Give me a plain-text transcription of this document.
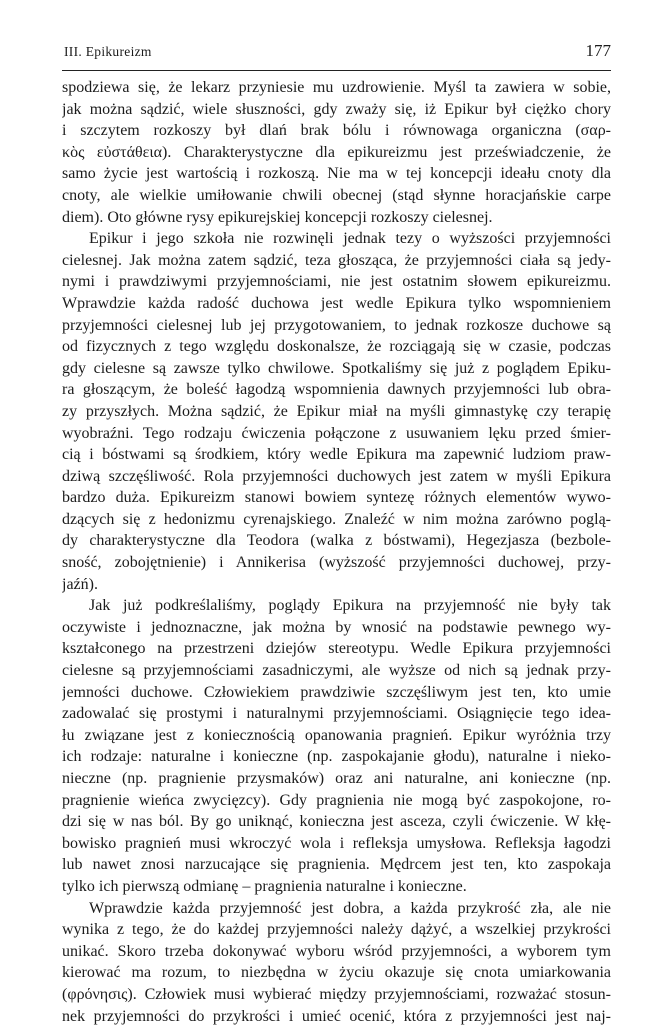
III. Epikureizm	177
spodziewa się, że lekarz przyniesie mu uzdrowienie. Myśl ta zawiera w sobie,
jak można sądzić, wiele słuszności, gdy zważy się, iż Epikur był ciężko chory
i szczytem rozkoszy był dlań brak bólu i równowaga organiczna (σαρ-
κὸς εὐστάθεια). Charakterystyczne dla epikureizmu jest przeświadczenie, że
samo życie jest wartością i rozkoszą. Nie ma w tej koncepcji ideału cnoty dla
cnoty, ale wielkie umiłowanie chwili obecnej (stąd słynne horacjańskie carpe
diem). Oto główne rysy epikurejskiej koncepcji rozkoszy cielesnej.
Epikur i jego szkoła nie rozwinęli jednak tezy o wyższości przyjemności
cielesnej. Jak można zatem sądzić, teza głosząca, że przyjemności ciała są jedy-
nymi i prawdziwymi przyjemnościami, nie jest ostatnim słowem epikureizmu.
Wprawdzie każda radość duchowa jest wedle Epikura tylko wspomnieniem
przyjemności cielesnej lub jej przygotowaniem, to jednak rozkosze duchowe są
od fizycznych z tego względu doskonalsze, że rozciągają się w czasie, podczas
gdy cielesne są zawsze tylko chwilowe. Spotkaliśmy się już z poglądem Epiku-
ra głoszącym, że boleść łagodzą wspomnienia dawnych przyjemności lub obra-
zy przyszłych. Można sądzić, że Epikur miał na myśli gimnastykę czy terapię
wyobraźni. Tego rodzaju ćwiczenia połączone z usuwaniem lęku przed śmier-
cią i bóstwami są środkiem, który wedle Epikura ma zapewnić ludziom praw-
dziwą szczęśliwość. Rola przyjemności duchowych jest zatem w myśli Epikura
bardzo duża. Epikureizm stanowi bowiem syntezę różnych elementów wywo-
dzących się z hedonizmu cyrenajskiego. Znaleźć w nim można zarówno poglą-
dy charakterystyczne dla Teodora (walka z bóstwami), Hegezjasza (bezbole-
sność, zobojętnienie) i Annikerisa (wyższość przyjemności duchowej, przy-
jaźń).
Jak już podkreślaliśmy, poglądy Epikura na przyjemność nie były tak
oczywiste i jednoznaczne, jak można by wnosić na podstawie pewnego wy-
kształconego na przestrzeni dziejów stereotypu. Wedle Epikura przyjemności
cielesne są przyjemnościami zasadniczymi, ale wyższe od nich są jednak przy-
jemności duchowe. Człowiekiem prawdziwie szczęśliwym jest ten, kto umie
zadowalać się prostymi i naturalnymi przyjemnościami. Osiągnięcie tego idea-
łu związane jest z koniecznością opanowania pragnień. Epikur wyróżnia trzy
ich rodzaje: naturalne i konieczne (np. zaspokajanie głodu), naturalne i nieko-
nieczne (np. pragnienie przysmaków) oraz ani naturalne, ani konieczne (np.
pragnienie wieńca zwycięzcy). Gdy pragnienia nie mogą być zaspokojone, ro-
dzi się w nas ból. By go uniknąć, konieczna jest asceza, czyli ćwiczenie. W kłę-
bowisko pragnień musi wkroczyć wola i refleksja umysłowa. Refleksja łagodzi
lub nawet znosi narzucające się pragnienia. Mędrcem jest ten, kto zaspokaja
tylko ich pierwszą odmianę – pragnienia naturalne i konieczne.
Wprawdzie każda przyjemność jest dobra, a każda przykrość zła, ale nie
wynika z tego, że do każdej przyjemności należy dążyć, a wszelkiej przykrości
unikać. Skoro trzeba dokonywać wyboru wśród przyjemności, a wyborem tym
kierować ma rozum, to niezbędna w życiu okazuje się cnota umiarkowania
(φρόνησις). Człowiek musi wybierać między przyjemnościami, rozważać stosun-
nek przyjemności do przykrości i umieć ocenić, która z przyjemności jest naj-
